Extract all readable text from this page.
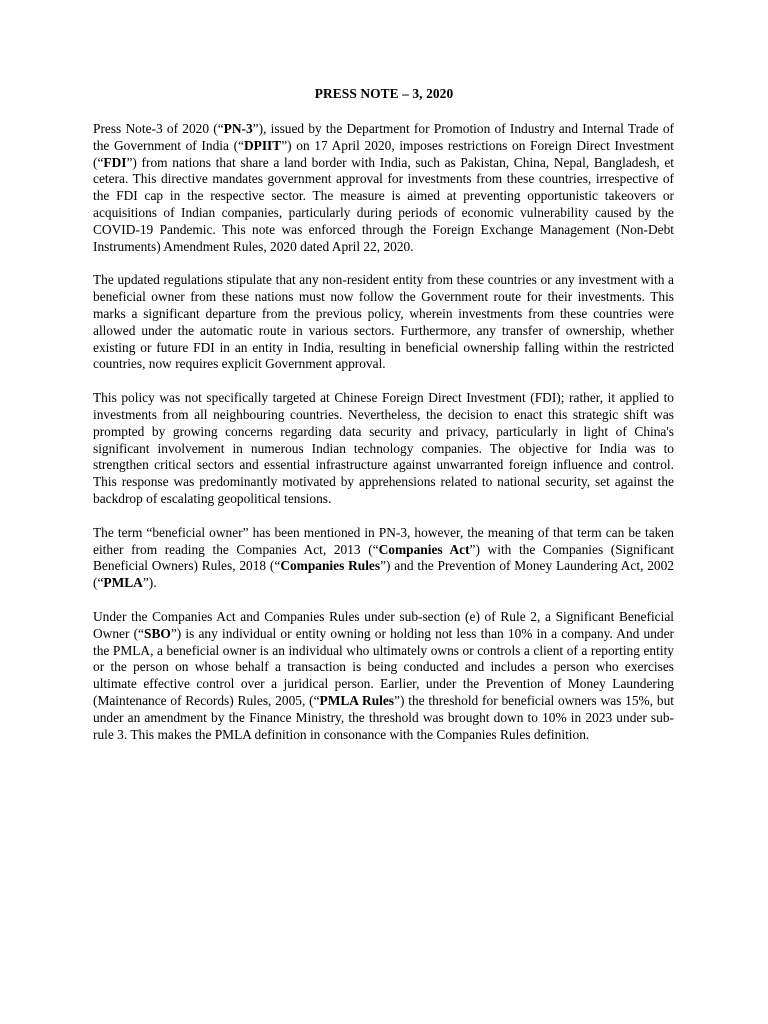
PRESS NOTE – 3, 2020

Press Note-3 of 2020 (“PN-3”), issued by the Department for Promotion of Industry and Internal Trade of the Government of India (“DPIIT”) on 17 April 2020, imposes restrictions on Foreign Direct Investment (“FDI”) from nations that share a land border with India, such as Pakistan, China, Nepal, Bangladesh, et cetera. This directive mandates government approval for investments from these countries, irrespective of the FDI cap in the respective sector. The measure is aimed at preventing opportunistic takeovers or acquisitions of Indian companies, particularly during periods of economic vulnerability caused by the COVID-19 Pandemic. This note was enforced through the Foreign Exchange Management (Non-Debt Instruments) Amendment Rules, 2020 dated April 22, 2020.

The updated regulations stipulate that any non-resident entity from these countries or any investment with a beneficial owner from these nations must now follow the Government route for their investments. This marks a significant departure from the previous policy, wherein investments from these countries were allowed under the automatic route in various sectors. Furthermore, any transfer of ownership, whether existing or future FDI in an entity in India, resulting in beneficial ownership falling within the restricted countries, now requires explicit Government approval.

This policy was not specifically targeted at Chinese Foreign Direct Investment (FDI); rather, it applied to investments from all neighbouring countries. Nevertheless, the decision to enact this strategic shift was prompted by growing concerns regarding data security and privacy, particularly in light of China's significant involvement in numerous Indian technology companies. The objective for India was to strengthen critical sectors and essential infrastructure against unwarranted foreign influence and control. This response was predominantly motivated by apprehensions related to national security, set against the backdrop of escalating geopolitical tensions.

The term “beneficial owner” has been mentioned in PN-3, however, the meaning of that term can be taken either from reading the Companies Act, 2013 (“Companies Act”) with the Companies (Significant Beneficial Owners) Rules, 2018 (“Companies Rules”) and the Prevention of Money Laundering Act, 2002 (“PMLA”).

Under the Companies Act and Companies Rules under sub-section (e) of Rule 2, a Significant Beneficial Owner (“SBO”) is any individual or entity owning or holding not less than 10% in a company. And under the PMLA, a beneficial owner is an individual who ultimately owns or controls a client of a reporting entity or the person on whose behalf a transaction is being conducted and includes a person who exercises ultimate effective control over a juridical person. Earlier, under the Prevention of Money Laundering (Maintenance of Records) Rules, 2005, (“PMLA Rules”) the threshold for beneficial owners was 15%, but under an amendment by the Finance Ministry, the threshold was brought down to 10% in 2023 under sub-rule 3. This makes the PMLA definition in consonance with the Companies Rules definition.
